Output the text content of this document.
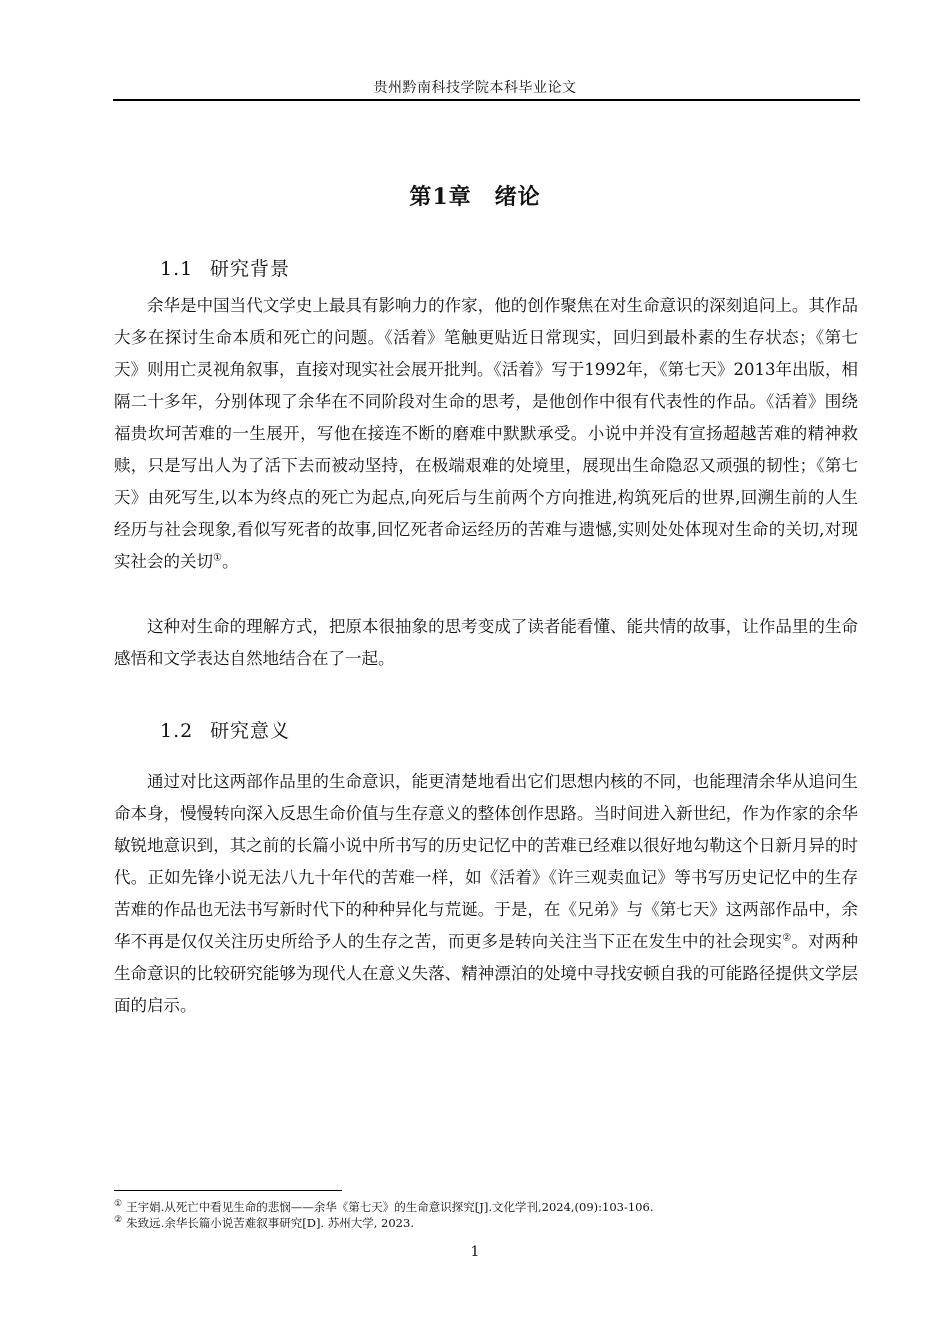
贵州黔南科技学院本科毕业论文
第1章　绪论
1.1 研究背景

余华是中国当代文学史上最具有影响力的作家，他的创作聚焦在对生命意识的深刻追问上。其作品大多在探讨生命本质和死亡的问题。《活着》笔触更贴近日常现实，回归到最朴素的生存状态；《第七天》则用亡灵视角叙事，直接对现实社会展开批判。《活着》写于1992年，《第七天》2013年出版，相隔二十多年，分别体现了余华在不同阶段对生命的思考，是他创作中很有代表性的作品。《活着》围绕福贵坎坷苦难的一生展开，写他在接连不断的磨难中默默承受。小说中并没有宣扬超越苦难的精神救赎，只是写出人为了活下去而被动坚持，在极端艰难的处境里，展现出生命隐忍又顽强的韧性；《第七天》由死写生,以本为终点的死亡为起点,向死后与生前两个方向推进,构筑死后的世界,回溯生前的人生经历与社会现象,看似写死者的故事,回忆死者命运经历的苦难与遗憾,实则处处体现对生命的关切,对现实社会的关切①。

这种对生命的理解方式，把原本很抽象的思考变成了读者能看懂、能共情的故事，让作品里的生命感悟和文学表达自然地结合在了一起。

1.2 研究意义

通过对比这两部作品里的生命意识，能更清楚地看出它们思想内核的不同，也能理清余华从追问生命本身，慢慢转向深入反思生命价值与生存意义的整体创作思路。当时间进入新世纪，作为作家的余华敏锐地意识到，其之前的长篇小说中所书写的历史记忆中的苦难已经难以很好地勾勒这个日新月异的时代。正如先锋小说无法八九十年代的苦难一样，如《活着》《许三观卖血记》等书写历史记忆中的生存苦难的作品也无法书写新时代下的种种异化与荒诞。于是，在《兄弟》与《第七天》这两部作品中，余华不再是仅仅关注历史所给予人的生存之苦，而更多是转向关注当下正在发生中的社会现实②。对两种生命意识的比较研究能够为现代人在意义失落、精神漂泊的处境中寻找安顿自我的可能路径提供文学层面的启示。

① 王宇娟.从死亡中看见生命的悲悯——余华《第七天》的生命意识探究[J].文化学刊,2024,(09):103-106.
② 朱致远.余华长篇小说苦难叙事研究[D]. 苏州大学, 2023.
1
